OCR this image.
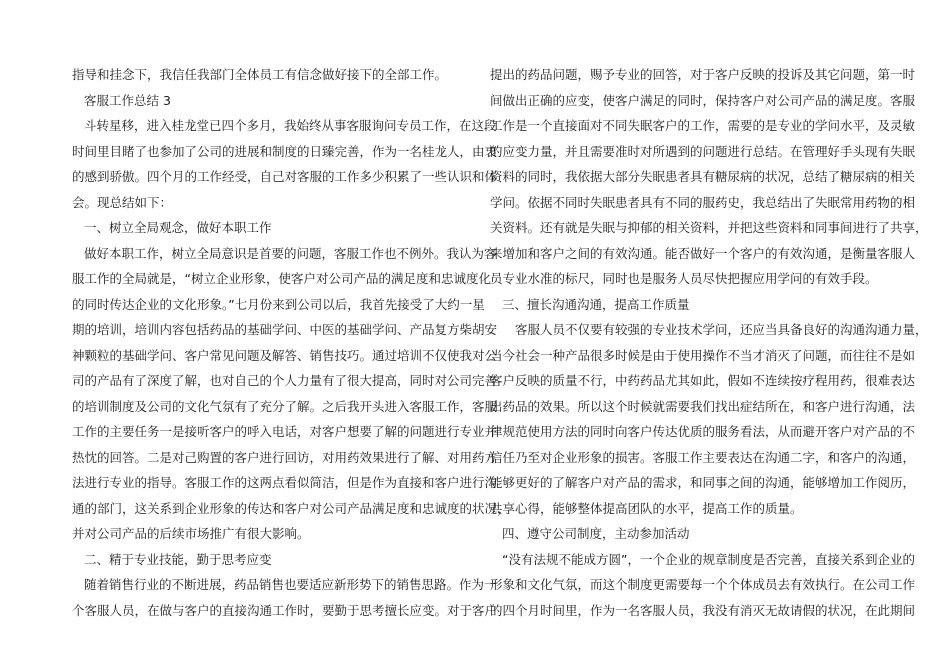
指导和挂念下，我信任我部门全体员工有信念做好接下的全部工作。
客服工作总结 3
斗转星移，进入桂龙堂已四个多月，我始终从事客服询问专员工作，在这段
时间里目睹了也参加了公司的进展和制度的日臻完善，作为一名桂龙人，由衷
的感到骄傲。四个月的工作经受，自己对客服的工作多少积累了一些认识和体
会。现总结如下：
一、树立全局观念，做好本职工作
做好本职工作，树立全局意识是首要的问题，客服工作也不例外。我认为客
服工作的全局就是，“树立企业形象，使客户对公司产品的满足度和忠诚度化
的同时传达企业的文化形象。”七月份来到公司以后，我首先接受了大约一星
期的培训，培训内容包括药品的基础学问、中医的基础学问、产品复方柴胡安
神颗粒的基础学问、客户常见问题及解答、销售技巧。通过培训不仅使我对公
司的产品有了深度了解，也对自己的个人力量有了很大提高，同时对公司完善
的培训制度及公司的文化气氛有了充分了解。之后我开头进入客服工作，客服
工作的主要任务一是接听客户的呼入电话，对客户想要了解的问题进行专业并
热忱的回答。二是对己购置的客户进行回访，对用药效果进行了解、对用药方
法进行专业的指导。客服工作的这两点看似简洁，但是作为直接和客户进行沟
通的部门，这关系到企业形象的传达和客户对公司产品满足度和忠诚度的状况，
并对公司产品的后续市场推广有很大影响。
二、精于专业技能，勤于思考应变
随着销售行业的不断进展，药品销售也要适应新形势下的销售思路。作为一
个客服人员，在做与客户的直接沟通工作时，要勤于思考擅长应变。对于客户
提出的药品问题，赐予专业的回答，对于客户反映的投诉及其它问题，第一时
间做出正确的应变，使客户满足的同时，保持客户对公司产品的满足度。客服
工作是一个直接面对不同失眠客户的工作，需要的是专业的学问水平，及灵敏
的应变力量，并且需要准时对所遇到的问题进行总结。在管理好手头现有失眠
资料的同时，我依据大部分失眠患者具有糖尿病的状况，总结了糖尿病的相关
学问。依据不同时失眠患者具有不同的服药史，我总结出了失眠常用药物的相
关资料。还有就是失眠与抑郁的相关资料，并把这些资料和同事间进行了共享，
来增加和客户之间的有效沟通。能否做好一个客户的有效沟通，是衡量客服人
员专业水准的标尺，同时也是服务人员尽快把握应用学问的有效手段。
三、擅长沟通沟通，提高工作质量
客服人员不仅要有较强的专业技术学问，还应当具备良好的沟通沟通力量，
当今社会一种产品很多时候是由于使用操作不当才消灭了问题，而往往不是如
客户反映的质量不行，中药药品尤其如此，假如不连续按疗程用药，很难表达
出药品的效果。所以这个时候就需要我们找出症结所在，和客户进行沟通，法
律规范使用方法的同时向客户传达优质的服务看法，从而避开客户对产品的不
信任乃至对企业形象的损害。客服工作主要表达在沟通二字，和客户的沟通，
能够更好的了解客户对产品的需求，和同事之间的沟通，能够增加工作阅历，
共享心得，能够整体提高团队的水平，提高工作的质量。
四、遵守公司制度，主动参加活动
“没有法规不能成方圆”，一个企业的规章制度是否完善，直接关系到企业的
形象和文化气氛，而这个制度更需要每一个个体成员去有效执行。在公司工作
的四个月时间里，作为一名客服人员，我没有消灭无故请假的状况，在此期间
